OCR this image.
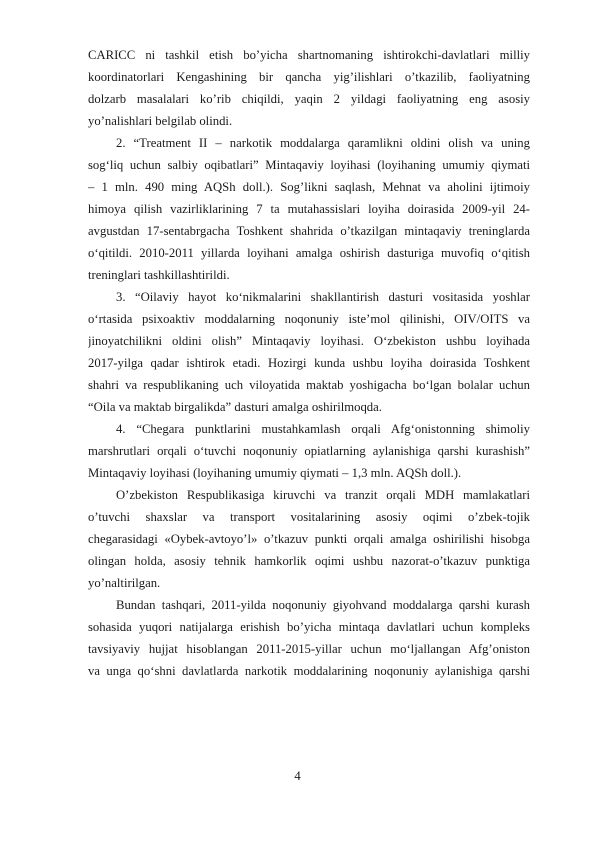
CARICC ni tashkil etish bo’yicha shartnomaning ishtirokchi-davlatlari milliy
koordinatorlari Kengashining bir qancha yig’ilishlari o’tkazilib, faoliyatning
dolzarb masalalari ko’rib chiqildi, yaqin 2 yildagi faoliyatning eng asosiy
yo’nalishlari belgilab olindi.
2. “Treatment II – narkotik moddalarga qaramlikni oldini olish va uning
sog‘liq uchun salbiy oqibatlari” Mintaqaviy loyihasi (loyihaning umumiy qiymati
– 1 mln. 490 ming AQSh doll.). Sog’likni saqlash, Mehnat va aholini ijtimoiy
himoya qilish vazirliklarining 7 ta mutahassislari loyiha doirasida 2009-yil 24-
avgustdan 17-sentabrgacha Toshkent shahrida o’tkazilgan mintaqaviy treninglarda
o‘qitildi. 2010-2011 yillarda loyihani amalga oshirish dasturiga muvofiq o‘qitish
treninglari tashkillashtirildi.
3. “Oilaviy hayot ko‘nikmalarini shakllantirish dasturi vositasida yoshlar
o‘rtasida psixoaktiv moddalarning noqonuniy iste’mol qilinishi, OIV/OITS va
jinoyatchilikni oldini olish” Mintaqaviy loyihasi. O‘zbekiston ushbu loyihada
2017-yilga qadar ishtirok etadi. Hozirgi kunda ushbu loyiha doirasida Toshkent
shahri va respublikaning uch viloyatida maktab yoshigacha bo‘lgan bolalar uchun
“Oila va maktab birgalikda” dasturi amalga oshirilmoqda.
4. “Chegara punktlarini mustahkamlash orqali Afg‘onistonning shimoliy
marshrutlari orqali o‘tuvchi noqonuniy opiatlarning aylanishiga qarshi kurashish”
Mintaqaviy loyihasi (loyihaning umumiy qiymati – 1,3 mln. AQSh doll.).
O’zbekiston Respublikasiga kiruvchi va tranzit orqali MDH mamlakatlari
o’tuvchi shaxslar va transport vositalarining asosiy oqimi o’zbek-tojik
chegarasidagi «Oybek-avtoyo’l» o’tkazuv punkti orqali amalga oshirilishi hisobga
olingan holda, asosiy tehnik hamkorlik oqimi ushbu nazorat-o’tkazuv punktiga
yo’naltirilgan.
Bundan tashqari, 2011-yilda noqonuniy giyohvand moddalarga qarshi kurash
sohasida yuqori natijalarga erishish bo’yicha mintaqa davlatlari uchun kompleks
tavsiyaviy hujjat hisoblangan 2011-2015-yillar uchun mo‘ljallangan Afg’oniston
va unga qo‘shni davlatlarda narkotik moddalarining noqonuniy aylanishiga qarshi
4
